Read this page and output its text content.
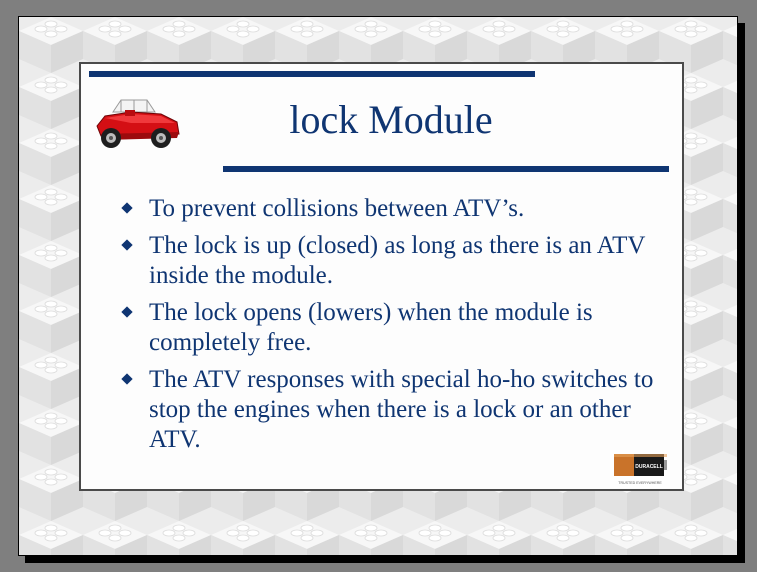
lock Module
To prevent collisions between ATV’s.
The lock is up (closed) as long as there is an ATV inside the module.
The lock opens (lowers) when the module is completely free.
The ATV responses with special ho-ho switches to stop the engines when there is a lock or an other ATV.
DURACELL
TRUSTED EVERYWHERE
